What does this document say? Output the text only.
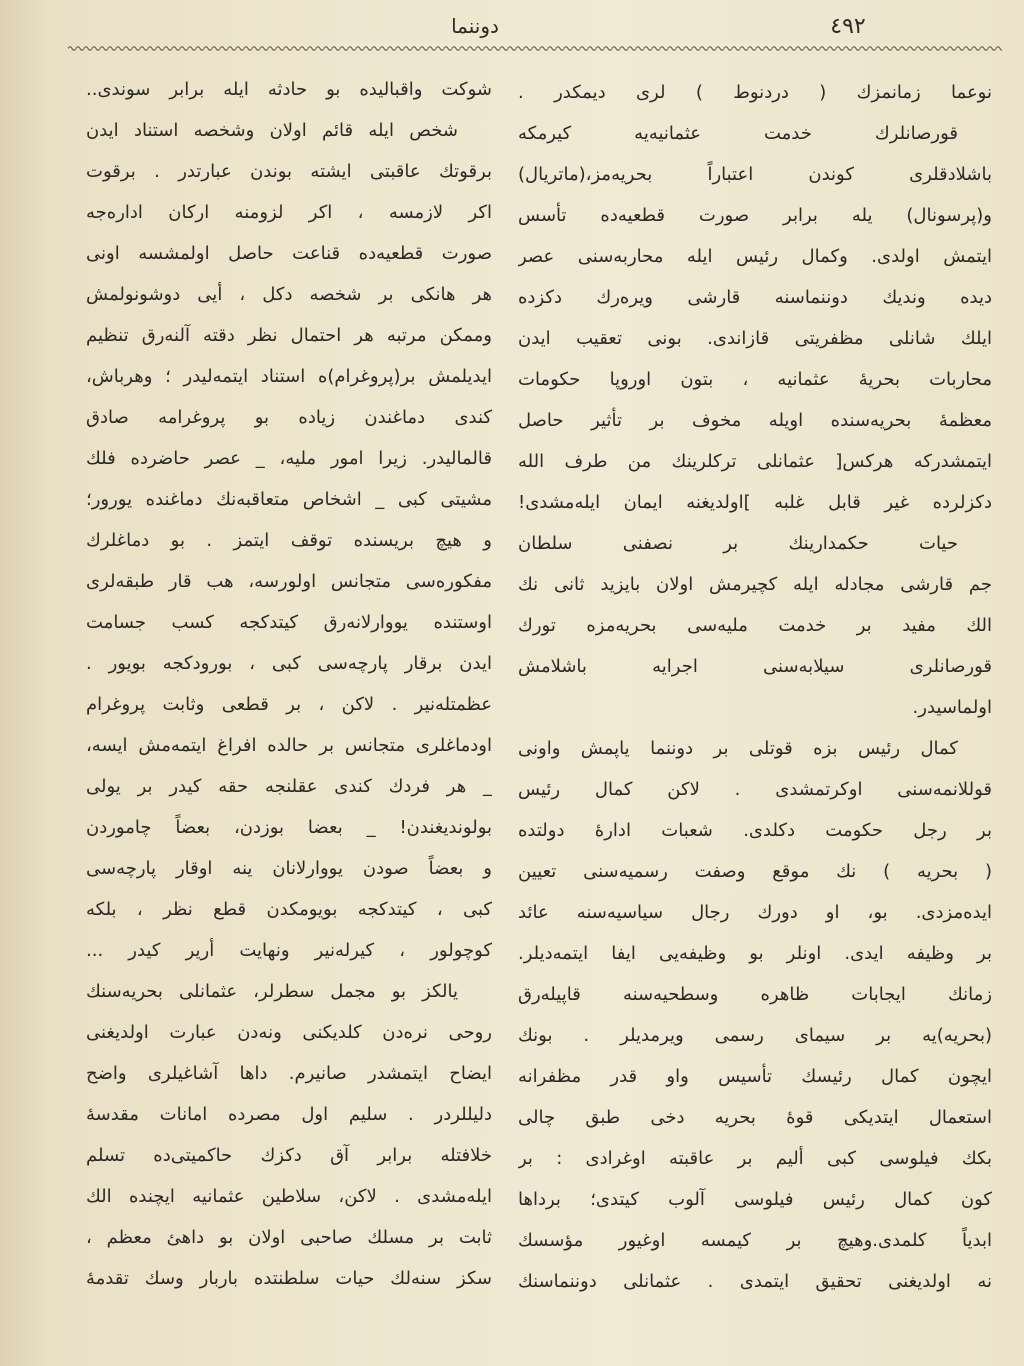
٤٩٢
دوننما
نوعما زمانمزك ( دردنوط ) لرى ديمكدر .
قورصانلرك خدمت عثمانيه‌يه كيرمكه
باشلادقلرى كوندن اعتباراً بحريه‌مز،(ماتريال)
و(پرسونال) يله برابر صورت قطعيه‌ده تأسس
ايتمش اولدى. وكمال رئيس ايله محاربه‌سنى عصر
ديده ونديك دوننماسنه قارشى ويره‌رك دكزده
ايلك شانلى مظفريتى قازاندى. بونى تعقيب ايدن
محاربات بحريهٔ عثمانيه ، بتون اوروپا حكومات
معظمهٔ بحريه‌سنده اويله مخوف بر تأثير حاصل
ايتمشدركه هركس[ عثمانلى تركلرينك من طرف الله
دكزلرده غير قابل غلبه ]اولديغنه ايمان ايله‌مشدى!
حيات حكمدارينك بر نصفنى سلطان
جم قارشى مجادله ايله كچيرمش اولان بايزيد ثانى نك
الك مفيد بر خدمت مليه‌سى بحريه‌مزه تورك
قورصانلرى سيلابه‌سنى اجرايه باشلامش
اولماسيدر.
كمال رئيس بزه قوتلى بر دوننما ياپمش واونى
قوللانمه‌سنى اوكرتمشدى . لاكن كمال رئيس
بر رجل حكومت دكلدى. شعبات ادارهٔ دولتده
( بحريه ) نك موقع وصفت رسميه‌سنى تعيين
ايده‌مزدى. بو، او دورك رجال سياسيه‌سنه عائد
بر وظيفه ايدى. اونلر بو وظيفه‌يى ايفا ايتمه‌ديلر.
زمانك ايجابات ظاهره وسطحيه‌سنه قاپيله‌رق
(بحريه)يه بر سيماى رسمى ويرمديلر . بونك
ايچون كمال رئيسك تأسيس واو قدر مظفرانه
استعمال ايتديكى قوهٔ بحريه دخى طبق چالى
بكك فيلوسى كبى أليم بر عاقبته اوغرادى : بر
كون كمال رئيس فيلوسى آلوب كيتدى؛ برداها
ابدياً كلمدى.وهيچ بر كيمسه اوغيور مؤسسك
نه اولديغنى تحقيق ايتمدى . عثمانلى دوننماسنك
شوكت واقباليده بو حادثه ايله برابر سوندى..
شخص ايله قائم اولان وشخصه استناد ايدن
برقوتك عاقبتى ايشته بوندن عبارتدر . برقوت
اكر لازمسه ، اكر لزومنه اركان اداره‌جه
صورت قطعيه‌ده قناعت حاصل اولمشسه اونى
هر هانكى بر شخصه دكل ، أيى دوشونولمش
وممكن مرتبه هر احتمال نظر دقته آلنه‌رق تنظيم
ايديلمش بر(پروغرام)ه استناد ايتمه‌ليدر ؛ وهرباش،
كندى دماغندن زياده بو پروغرامه صادق
قالماليدر. زيرا امور مليه، _ عصر حاضرده فلك
مشيتى كبى _ اشخاص متعاقبه‌نك دماغنده يورور؛
و هيچ بريسنده توقف ايتمز . بو دماغلرك
مفكوره‌سى متجانس اولورسه، هب قار طبقه‌لرى
اوستنده يووارلانه‌رق كيتدكجه كسب جسامت
ايدن برقار پارچه‌سى كبى ، بورودكجه بويور .
عظمتله‌نير . لاكن ، بر قطعى وثابت پروغرام
اودماغلرى متجانس بر حالده افراغ ايتمه‌مش ايسه،
_ هر فردك كندى عقلنجه حقه كيدر بر يولى
بولونديغندن! _ بعضا بوزدن، بعضاً چاموردن
و بعضاً صودن يووارلانان ينه اوقار پارچه‌سى
كبى ، كيتدكجه بويومكدن قطع نظر ، بلكه
كوچولور ، كيرله‌نير ونهايت أرير كيدر ...
يالكز بو مجمل سطرلر، عثمانلى بحريه‌سنك
روحى نره‌دن كلديكنى ونه‌دن عبارت اولديغنى
ايضاح ايتمشدر صانيرم. داها آشاغيلرى واضح
دليللردر . سليم اول مصرده امانات مقدسهٔ
خلافتله برابر آق دكزك حاكميتى‌ده تسلم
ايله‌مشدى . لاكن، سلاطين عثمانيه ايچنده الك
ثابت بر مسلك صاحبى اولان بو داهئ معظم ،
سكز سنه‌لك حيات سلطنتده باربار وسك تقدمهٔ
